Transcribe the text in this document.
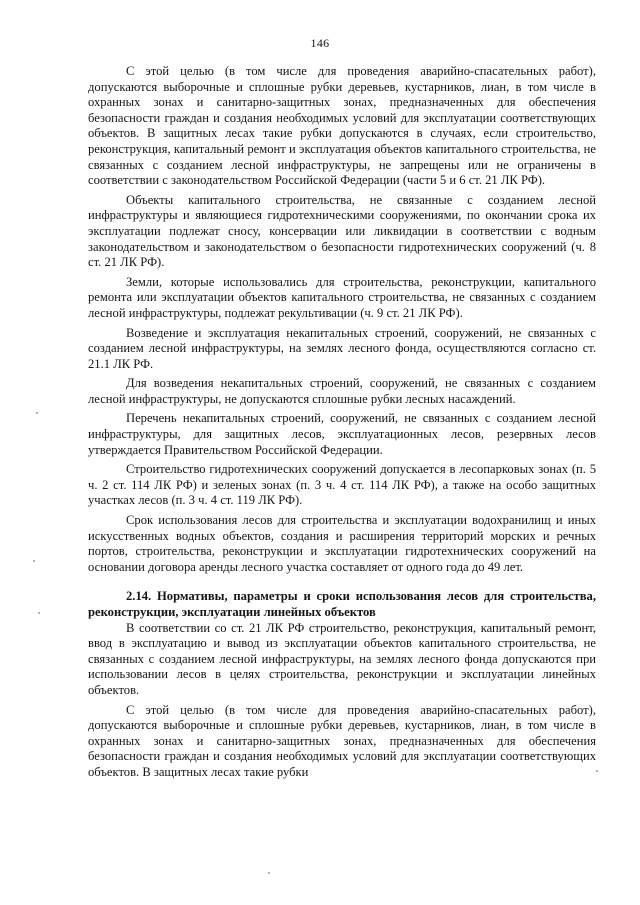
146

С этой целью (в том числе для проведения аварийно-спасательных работ), допускаются выборочные и сплошные рубки деревьев, кустарников, лиан, в том числе в охранных зонах и санитарно-защитных зонах, предназначенных для обеспечения безопасности граждан и создания необходимых условий для эксплуатации соответствующих объектов. В защитных лесах такие рубки допускаются в случаях, если строительство, реконструкция, капитальный ремонт и эксплуатация объектов капитального строительства, не связанных с созданием лесной инфраструктуры, не запрещены или не ограничены в соответствии с законодательством Российской Федерации (части 5 и 6 ст. 21 ЛК РФ).

Объекты капитального строительства, не связанные с созданием лесной инфраструктуры и являющиеся гидротехническими сооружениями, по окончании срока их эксплуатации подлежат сносу, консервации или ликвидации в соответствии с водным законодательством и законодательством о безопасности гидротехнических сооружений (ч. 8 ст. 21 ЛК РФ).

Земли, которые использовались для строительства, реконструкции, капитального ремонта или эксплуатации объектов капитального строительства, не связанных с созданием лесной инфраструктуры, подлежат рекультивации (ч. 9 ст. 21 ЛК РФ).

Возведение и эксплуатация некапитальных строений, сооружений, не связанных с созданием лесной инфраструктуры, на землях лесного фонда, осуществляются согласно ст. 21.1 ЛК РФ.

Для возведения некапитальных строений, сооружений, не связанных с созданием лесной инфраструктуры, не допускаются сплошные рубки лесных насаждений.

Перечень некапитальных строений, сооружений, не связанных с созданием лесной инфраструктуры, для защитных лесов, эксплуатационных лесов, резервных лесов утверждается Правительством Российской Федерации.

Строительство гидротехнических сооружений допускается в лесопарковых зонах (п. 5 ч. 2 ст. 114 ЛК РФ) и зеленых зонах (п. 3 ч. 4 ст. 114 ЛК РФ), а также на особо защитных участках лесов (п. 3 ч. 4 ст. 119 ЛК РФ).

Срок использования лесов для строительства и эксплуатации водохранилищ и иных искусственных водных объектов, создания и расширения территорий морских и речных портов, строительства, реконструкции и эксплуатации гидротехнических сооружений на основании договора аренды лесного участка составляет от одного года до 49 лет.

2.14. Нормативы, параметры и сроки использования лесов для строительства, реконструкции, эксплуатации линейных объектов

В соответствии со ст. 21 ЛК РФ строительство, реконструкция, капитальный ремонт, ввод в эксплуатацию и вывод из эксплуатации объектов капитального строительства, не связанных с созданием лесной инфраструктуры, на землях лесного фонда допускаются при использовании лесов в целях строительства, реконструкции и эксплуатации линейных объектов.

С этой целью (в том числе для проведения аварийно-спасательных работ), допускаются выборочные и сплошные рубки деревьев, кустарников, лиан, в том числе в охранных зонах и санитарно-защитных зонах, предназначенных для обеспечения безопасности граждан и создания необходимых условий для эксплуатации соответствующих объектов. В защитных лесах такие рубки
